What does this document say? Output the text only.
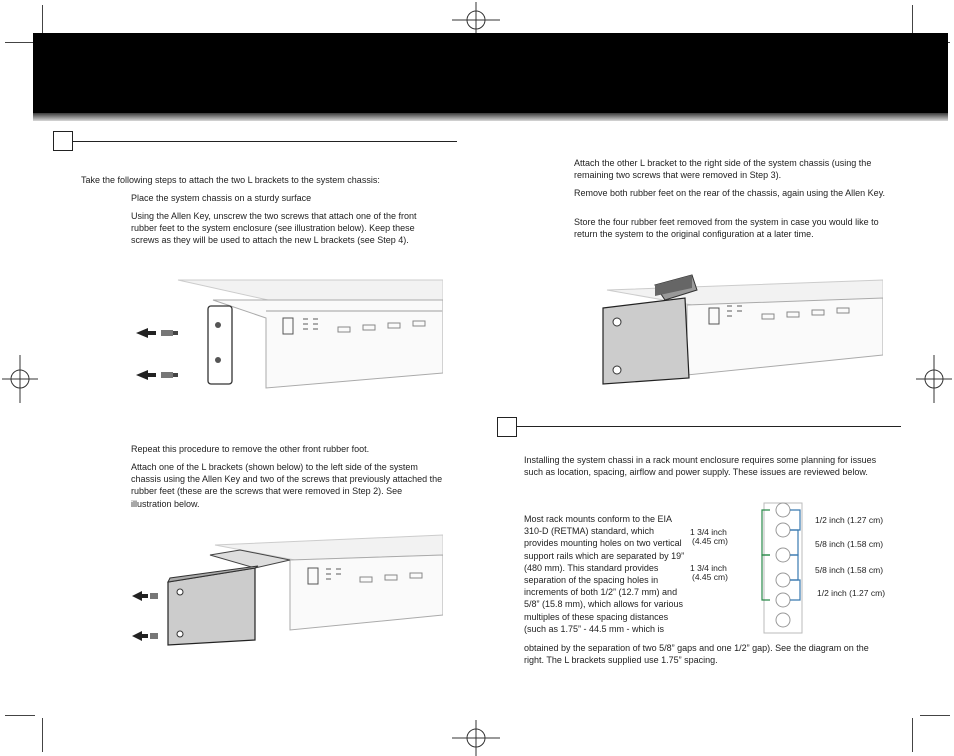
Take the following steps to attach the two L brackets to the system chassis:

Place the system chassis on a sturdy surface

Using the Allen Key, unscrew the two screws that attach one of the front rubber feet to the system enclosure (see illustration below). Keep these screws as they will be used to attach the new L brackets (see Step 4).

Repeat this procedure to remove the other front rubber foot.

Attach one of the L brackets (shown below) to the left side of the system chassis using the Allen Key and two of the screws that previously attached the rubber feet (these are the screws that were removed in Step 2). See illustration below.

Attach the other L bracket to the right side of the system chassis (using the remaining two screws that were removed in Step 3).

Remove both rubber feet on the rear of the chassis, again using the Allen Key.

Store the four rubber feet removed from the system in case you would like to return the system to the original configuration at a later time.

Installing the system chassi in a rack mount enclosure requires some planning for issues such as location, spacing, airflow and power supply. These issues are reviewed below.

Most rack mounts conform to the EIA 310-D (RETMA) standard, which provides mounting holes on two vertical support rails which are separated by 19” (480 mm). This standard provides separation of the spacing holes in increments of both 1/2” (12.7 mm) and 5/8” (15.8 mm), which allows for various multiples of these spacing distances (such as 1.75” - 44.5 mm - which is

obtained by the separation of two 5/8” gaps and one 1/2” gap). See the diagram on the right. The L brackets supplied use 1.75” spacing.

1 3/4 inch
(4.45 cm)
1 3/4 inch
(4.45 cm)
1/2 inch (1.27 cm)
5/8 inch (1.58 cm)
5/8 inch (1.58 cm)
1/2 inch (1.27 cm)
